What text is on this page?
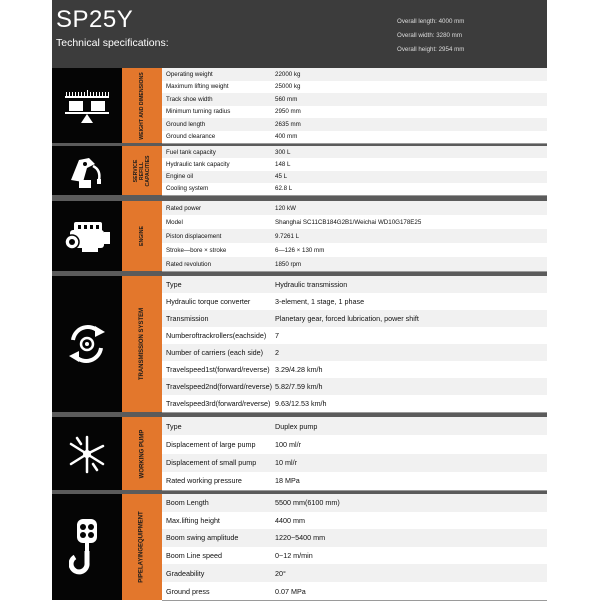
SP25Y
Technical specifications:
Overall length: 4000 mm
Overall width: 3280 mm
Overall height: 2954 mm
WEIGHT AND DIMENSIONS	Operating weight	22000 kg
Maximum lifting weight	25000 kg
Track shoe width	560 mm
Minimum turning radius	2950 mm
Ground length	2635 mm
Ground clearance	400 mm
SERVICE REFILL CAPACITIES
Fuel tank capacity	300 L
Hydraulic tank capacity	148 L
Engine oil	45 L
Cooling system	62.8 L
ENGINE
Rated power	120 kW
Model	Shanghai SC11CB184G2B1/Weichai WD10G178E25
Piston displacement	9.7261 L
Stroke—bore × stroke	6—126 × 130 mm
Rated revolution	1850 rpm
TRANSMISSION SYSTEM
Type	Hydraulic transmission
Hydraulic torque converter	3-element, 1 stage, 1 phase
Transmission	Planetary gear, forced lubrication, power shift
Numberoftrackrollers(eachside) 7
Number of carriers (each side) 2
Travelspeed1st(forward/reverse) 3.29/4.28 km/h
Travelspeed2nd(forward/reverse) 5.82/7.59 km/h
Travelspeed3rd(forward/reverse) 9.63/12.53 km/h
WORKING PUMP
Type	Duplex pump
Displacement of large pump	100 ml/r
Displacement of small pump	10 ml/r
Rated working pressure	18 MPa
PIPELAYINGEQUIPMENT
Boom Length	5500 mm(6100 mm)
Max.lifting height	4400 mm
Boom swing amplitude	1220~5400 mm
Boom Line speed	0~12 m/min
Gradeability	20°
Ground press	0.07 MPa
